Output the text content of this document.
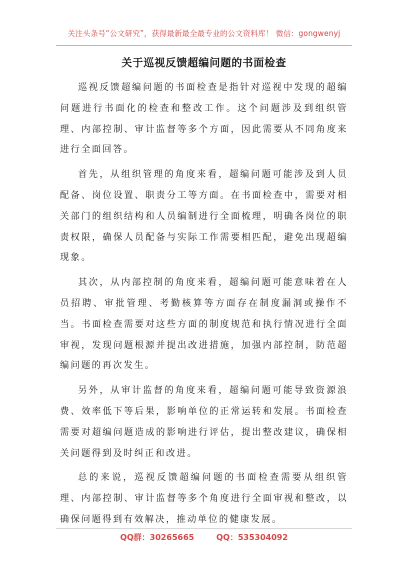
关注头条号“公文研究”，获得最新最全最专业的公文资料库！ 微信：gongwenyj
关于巡视反馈超编问题的书面检查

巡视反馈超编问题的书面检查是指针对巡视中发现的超编问题进行书面化的检查和整改工作。这个问题涉及到组织管理、内部控制、审计监督等多个方面，因此需要从不同角度来进行全面回答。

首先，从组织管理的角度来看，超编问题可能涉及到人员配备、岗位设置、职责分工等方面。在书面检查中，需要对相关部门的组织结构和人员编制进行全面梳理，明确各岗位的职责权限，确保人员配备与实际工作需要相匹配，避免出现超编现象。

其次，从内部控制的角度来看，超编问题可能意味着在人员招聘、审批管理、考勤核算等方面存在制度漏洞或操作不当。书面检查需要对这些方面的制度规范和执行情况进行全面审视，发现问题根源并提出改进措施，加强内部控制，防范超编问题的再次发生。

另外，从审计监督的角度来看，超编问题可能导致资源浪费、效率低下等后果，影响单位的正常运转和发展。书面检查需要对超编问题造成的影响进行评估，提出整改建议，确保相关问题得到及时纠正和改进。

总的来说，巡视反馈超编问题的书面检查需要从组织管理、内部控制、审计监督等多个角度进行全面审视和整改，以确保问题得到有效解决，推动单位的健康发展。

QQ群：30265665	QQ：535304092
